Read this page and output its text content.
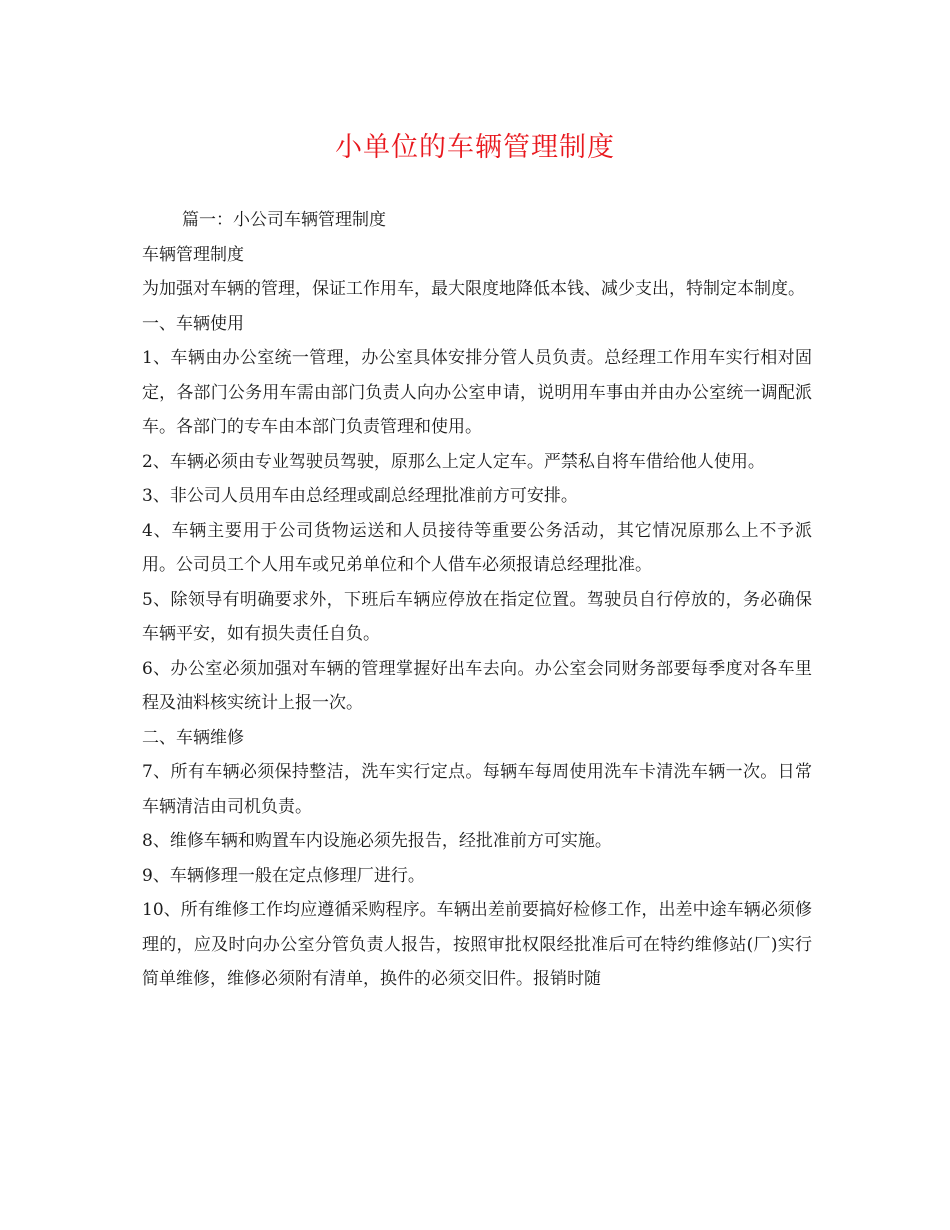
小单位的车辆管理制度

篇一：小公司车辆管理制度

车辆管理制度

为加强对车辆的管理，保证工作用车，最大限度地降低本钱、减少支出，特制定本制度。

一、车辆使用

1、车辆由办公室统一管理，办公室具体安排分管人员负责。总经理工作用车实行相对固定，各部门公务用车需由部门负责人向办公室申请，说明用车事由并由办公室统一调配派车。各部门的专车由本部门负责管理和使用。

2、车辆必须由专业驾驶员驾驶，原那么上定人定车。严禁私自将车借给他人使用。

3、非公司人员用车由总经理或副总经理批准前方可安排。

4、车辆主要用于公司货物运送和人员接待等重要公务活动，其它情况原那么上不予派用。公司员工个人用车或兄弟单位和个人借车必须报请总经理批准。

5、除领导有明确要求外，下班后车辆应停放在指定位置。驾驶员自行停放的，务必确保车辆平安，如有损失责任自负。

6、办公室必须加强对车辆的管理掌握好出车去向。办公室会同财务部要每季度对各车里程及油料核实统计上报一次。

二、车辆维修

7、所有车辆必须保持整洁，洗车实行定点。每辆车每周使用洗车卡清洗车辆一次。日常车辆清洁由司机负责。

8、维修车辆和购置车内设施必须先报告，经批准前方可实施。

9、车辆修理一般在定点修理厂进行。

10、所有维修工作均应遵循采购程序。车辆出差前要搞好检修工作，出差中途车辆必须修理的，应及时向办公室分管负责人报告，按照审批权限经批准后可在特约维修站(厂)实行简单维修，维修必须附有清单，换件的必须交旧件。报销时随
